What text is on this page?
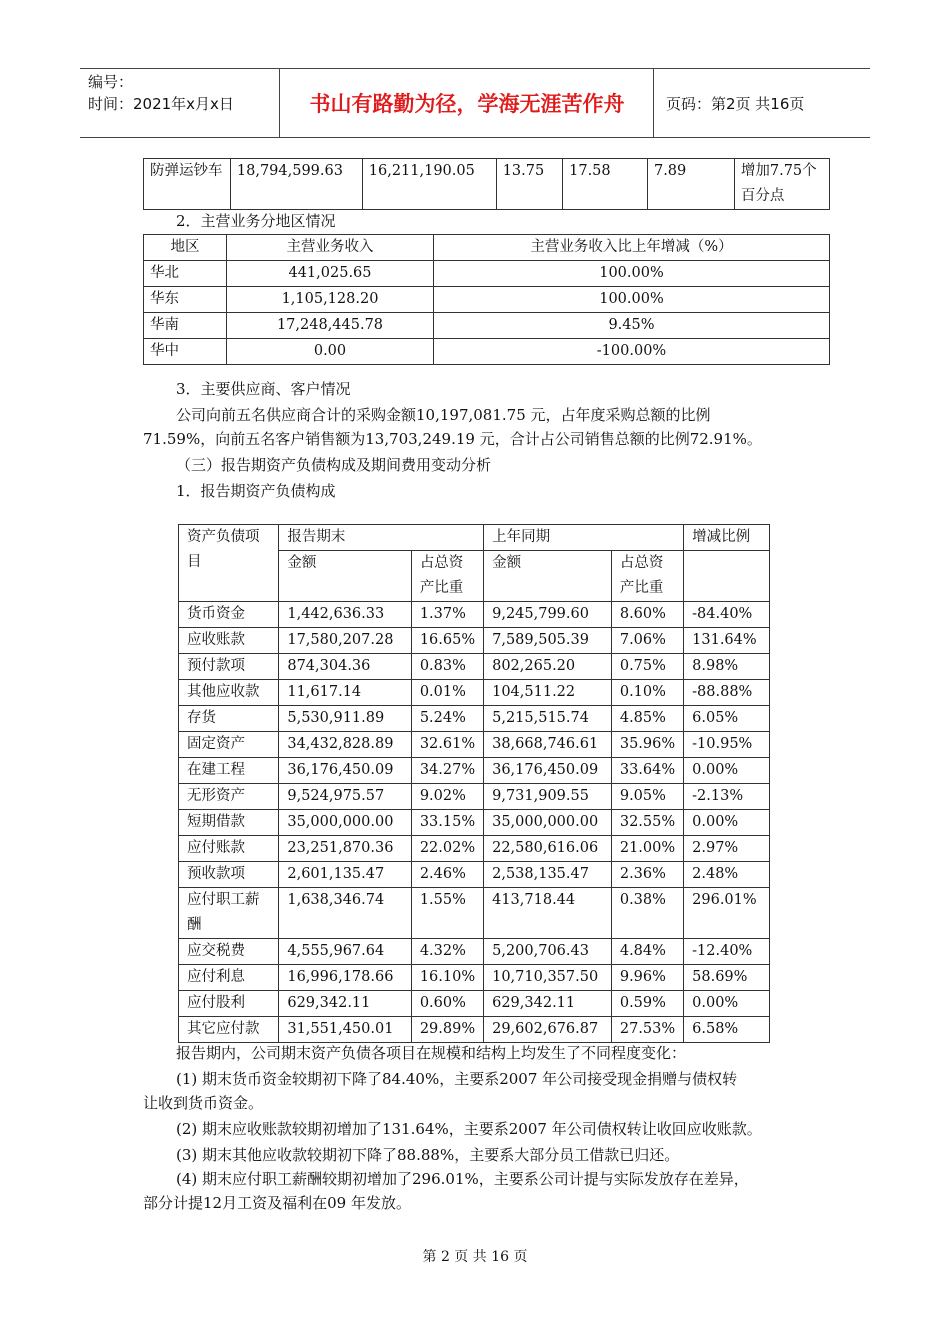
编号：
时间：2021年x月x日	书山有路勤为径，学海无涯苦作舟	页码：第2页 共16页
防弹运钞车	18,794,599.63	16,211,190.05	13.75	17.58	7.89	增加7.75个百分点
2．主营业务分地区情况
地区	主营业务收入	主营业务收入比上年增减（%）
华北	441,025.65	100.00%
华东	1,105,128.20	100.00%
华南	17,248,445.78	9.45%
华中	0.00	-100.00%
3．主要供应商、客户情况
公司向前五名供应商合计的采购金额10,197,081.75 元，占年度采购总额的比例
71.59%，向前五名客户销售额为13,703,249.19 元，合计占公司销售总额的比例72.91%。
（三）报告期资产负债构成及期间费用变动分析
1．报告期资产负债构成
资产负债项目	报告期末		上年同期		增减比例
	金额	占总资产比重	金额	占总资产比重	
货币资金	1,442,636.33	1.37%	9,245,799.60	8.60%	-84.40%
应收账款	17,580,207.28	16.65%	7,589,505.39	7.06%	131.64%
预付款项	874,304.36	0.83%	802,265.20	0.75%	8.98%
其他应收款	11,617.14	0.01%	104,511.22	0.10%	-88.88%
存货	5,530,911.89	5.24%	5,215,515.74	4.85%	6.05%
固定资产	34,432,828.89	32.61%	38,668,746.61	35.96%	-10.95%
在建工程	36,176,450.09	34.27%	36,176,450.09	33.64%	0.00%
无形资产	9,524,975.57	9.02%	9,731,909.55	9.05%	-2.13%
短期借款	35,000,000.00	33.15%	35,000,000.00	32.55%	0.00%
应付账款	23,251,870.36	22.02%	22,580,616.06	21.00%	2.97%
预收款项	2,601,135.47	2.46%	2,538,135.47	2.36%	2.48%
应付职工薪酬	1,638,346.74	1.55%	413,718.44	0.38%	296.01%
应交税费	4,555,967.64	4.32%	5,200,706.43	4.84%	-12.40%
应付利息	16,996,178.66	16.10%	10,710,357.50	9.96%	58.69%
应付股利	629,342.11	0.60%	629,342.11	0.59%	0.00%
其它应付款	31,551,450.01	29.89%	29,602,676.87	27.53%	6.58%
报告期内，公司期末资产负债各项目在规模和结构上均发生了不同程度变化：
(1) 期末货币资金较期初下降了84.40%，主要系2007 年公司接受现金捐赠与债权转
让收到货币资金。
(2) 期末应收账款较期初增加了131.64%，主要系2007 年公司债权转让收回应收账款。
(3) 期末其他应收款较期初下降了88.88%，主要系大部分员工借款已归还。
(4) 期末应付职工薪酬较期初增加了296.01%，主要系公司计提与实际发放存在差异，
部分计提12月工资及福利在09 年发放。
第 2 页 共 16 页
